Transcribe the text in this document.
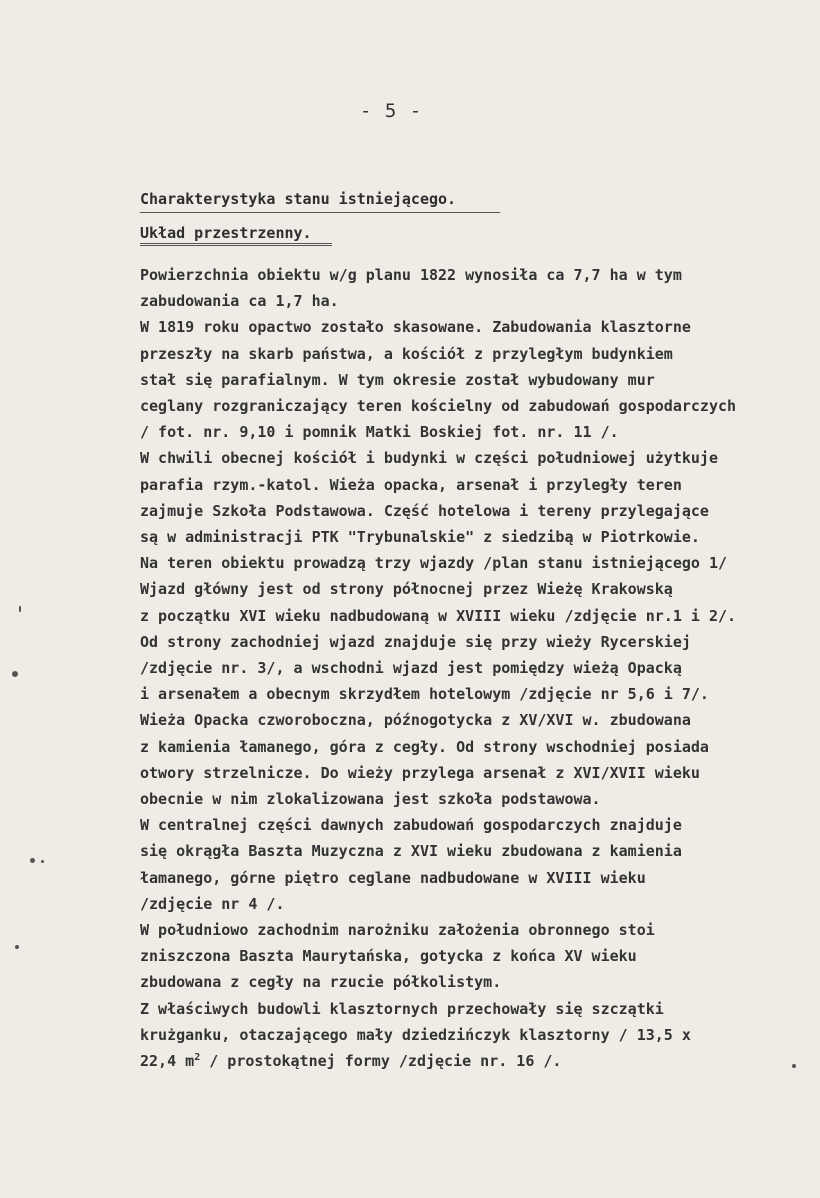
- 5 -
Charakterystyka stanu istniejącego.
Układ przestrzenny.
Powierzchnia obiektu w/g planu 1822 wynosiła ca 7,7 ha w tym
zabudowania ca 1,7 ha.
W 1819 roku opactwo zostało skasowane. Zabudowania klasztorne
przeszły na skarb państwa, a kościół z przyległym budynkiem
stał się parafialnym. W tym okresie został wybudowany mur
ceglany rozgraniczający teren kościelny od zabudowań gospodarczych
/ fot. nr. 9,10 i pomnik Matki Boskiej fot. nr. 11 /.
W chwili obecnej kościół i budynki w części południowej użytkuje
parafia rzym.-katol. Wieża opacka, arsenał i przyległy teren
zajmuje Szkoła Podstawowa. Część hotelowa i tereny przylegające
są w administracji PTK "Trybunalskie" z siedzibą w Piotrkowie.
Na teren obiektu prowadzą trzy wjazdy /plan stanu istniejącego 1/
Wjazd główny jest od strony północnej przez Wieżę Krakowską
z początku XVI wieku nadbudowaną w XVIII wieku /zdjęcie nr.1 i 2/.
Od strony zachodniej wjazd znajduje się przy wieży Rycerskiej
/zdjęcie nr. 3/, a wschodni wjazd jest pomiędzy wieżą Opacką
i arsenałem a obecnym skrzydłem hotelowym /zdjęcie nr 5,6 i 7/.
Wieża Opacka czworoboczna, późnogotycka z XV/XVI w. zbudowana
z kamienia łamanego, góra z cegły. Od strony wschodniej posiada
otwory strzelnicze. Do wieży przylega arsenał z XVI/XVII wieku
obecnie w nim zlokalizowana jest szkoła podstawowa.
W centralnej części dawnych zabudowań gospodarczych znajduje
się okrągła Baszta Muzyczna z XVI wieku zbudowana z kamienia
łamanego, górne piętro ceglane nadbudowane w XVIII wieku
/zdjęcie nr 4 /.
W południowo zachodnim narożniku założenia obronnego stoi
zniszczona Baszta Maurytańska, gotycka z końca XV wieku
zbudowana z cegły na rzucie półkolistym.
Z właściwych budowli klasztornych przechowały się szczątki
krużganku, otaczającego mały dziedzińczyk klasztorny / 13,5 x
22,4 $m^2$ / prostokątnej formy /zdjęcie nr. 16 /.
